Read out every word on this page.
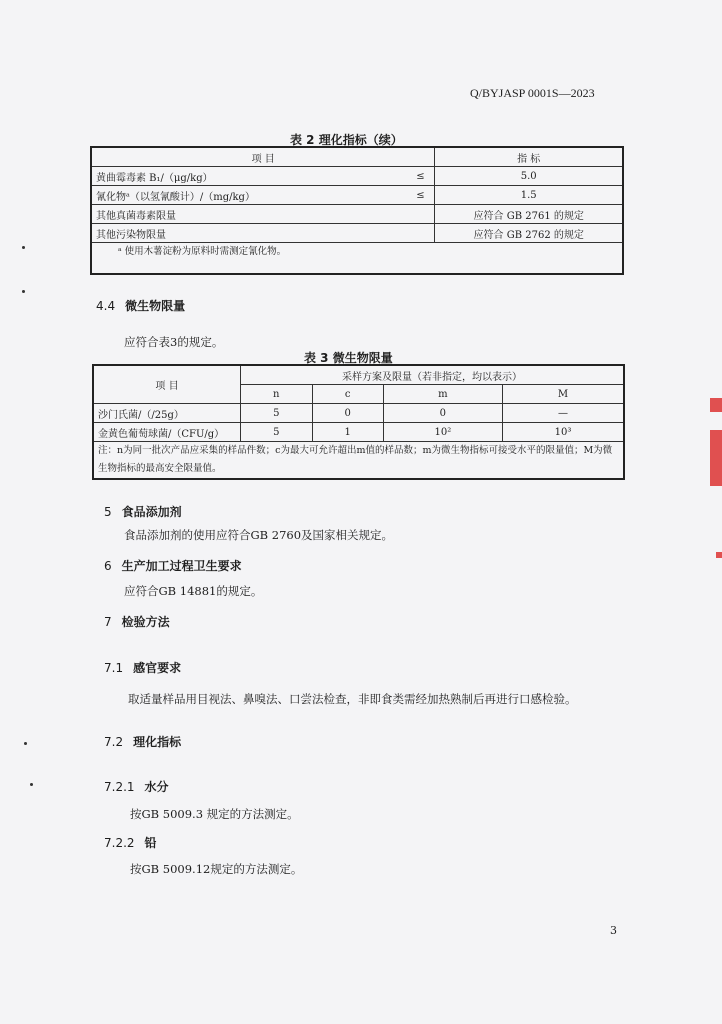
Q/BYJASP 0001S—2023
表 2 理化指标（续）
项 目		指 标
黄曲霉毒素 B₁/（μg/kg）	≤	5.0
氰化物ᵃ（以氢氰酸计）/（mg/kg）	≤	1.5
其他真菌毒素限量		应符合 GB 2761 的规定
其他污染物限量		应符合 GB 2762 的规定
ᵃ 使用木薯淀粉为原料时需测定氰化物。		
4.4 微生物限量
应符合表3的规定。
表 3 微生物限量
项 目	采样方案及限量（若非指定，均以表示）			
	n	c	m	M
沙门氏菌/（/25g）	5	0	0	—
金黄色葡萄球菌/（CFU/g）	5	1	10²	10³
注：n为同一批次产品应采集的样品件数；c为最大可允许超出m值的样品数；m为微生物指标可接受水平的限量值；M为微生物指标的最高安全限量值。				
5 食品添加剂
食品添加剂的使用应符合GB 2760及国家相关规定。
6 生产加工过程卫生要求
应符合GB 14881的规定。
7 检验方法
7.1 感官要求
取适量样品用目视法、鼻嗅法、口尝法检查，非即食类需经加热熟制后再进行口感检验。
7.2 理化指标
7.2.1 水分
按GB 5009.3 规定的方法测定。
7.2.2 铅
按GB 5009.12规定的方法测定。
3
